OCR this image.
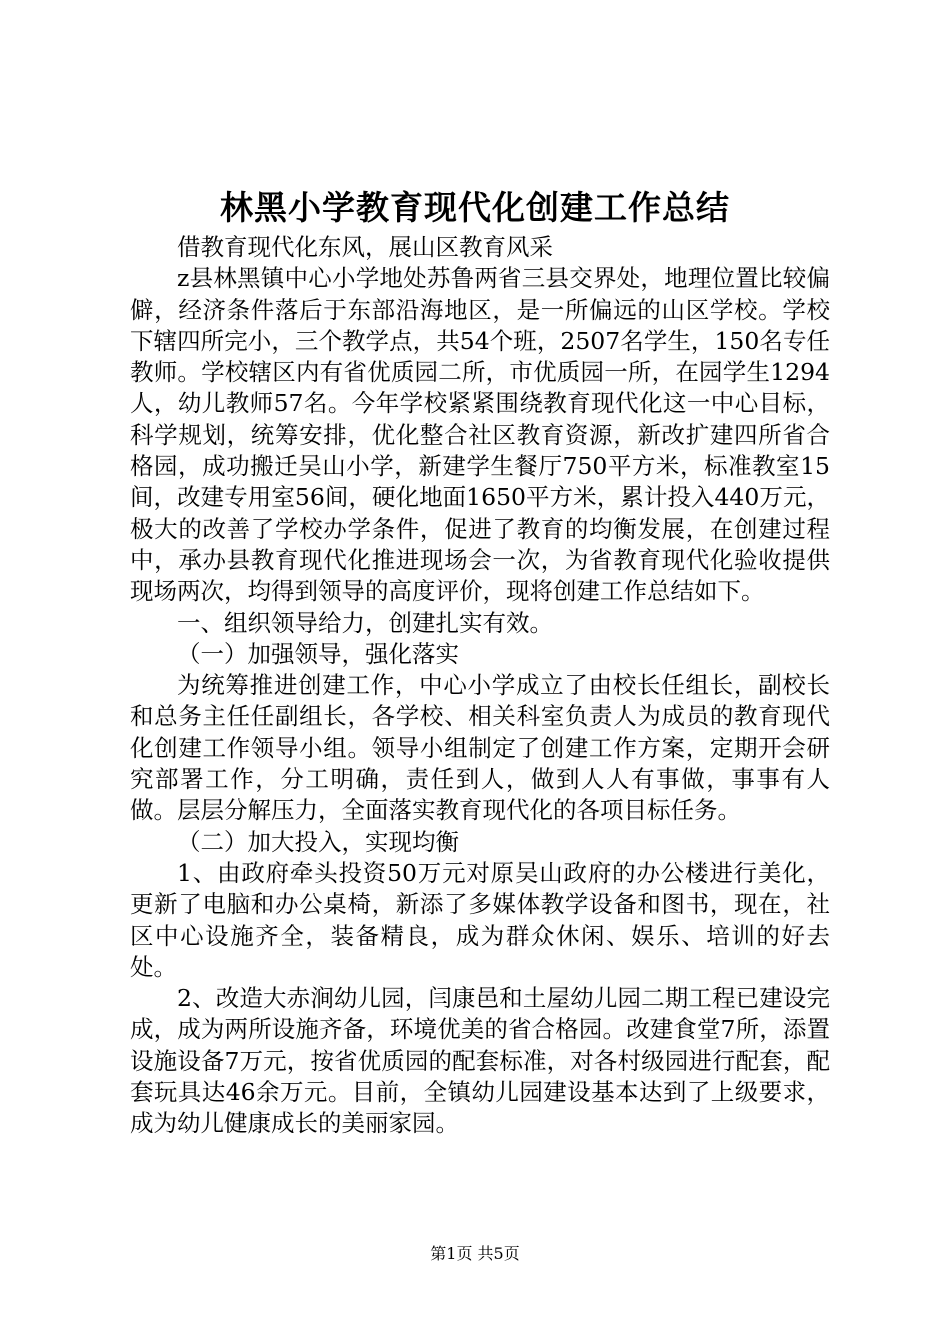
林黑小学教育现代化创建工作总结

借教育现代化东风，展山区教育风采

z县林黑镇中心小学地处苏鲁两省三县交界处，地理位置比较偏僻，经济条件落后于东部沿海地区，是一所偏远的山区学校。学校下辖四所完小，三个教学点，共54个班，2507名学生，150名专任教师。学校辖区内有省优质园二所，市优质园一所，在园学生1294人，幼儿教师57名。今年学校紧紧围绕教育现代化这一中心目标，科学规划，统筹安排，优化整合社区教育资源，新改扩建四所省合格园，成功搬迁吴山小学，新建学生餐厅750平方米，标准教室15间，改建专用室56间，硬化地面1650平方米，累计投入440万元，极大的改善了学校办学条件，促进了教育的均衡发展，在创建过程中，承办县教育现代化推进现场会一次，为省教育现代化验收提供现场两次，均得到领导的高度评价，现将创建工作总结如下。

一、组织领导给力，创建扎实有效。

（一）加强领导，强化落实

为统筹推进创建工作，中心小学成立了由校长任组长，副校长和总务主任任副组长，各学校、相关科室负责人为成员的教育现代化创建工作领导小组。领导小组制定了创建工作方案，定期开会研究部署工作，分工明确，责任到人，做到人人有事做，事事有人做。层层分解压力，全面落实教育现代化的各项目标任务。

（二）加大投入，实现均衡

1、由政府牵头投资50万元对原吴山政府的办公楼进行美化，更新了电脑和办公桌椅，新添了多媒体教学设备和图书，现在，社区中心设施齐全，装备精良，成为群众休闲、娱乐、培训的好去处。

2、改造大赤涧幼儿园，闫康邑和土屋幼儿园二期工程已建设完成，成为两所设施齐备，环境优美的省合格园。改建食堂7所，添置设施设备7万元，按省优质园的配套标准，对各村级园进行配套，配套玩具达46余万元。目前，全镇幼儿园建设基本达到了上级要求，成为幼儿健康成长的美丽家园。

第1页 共5页
